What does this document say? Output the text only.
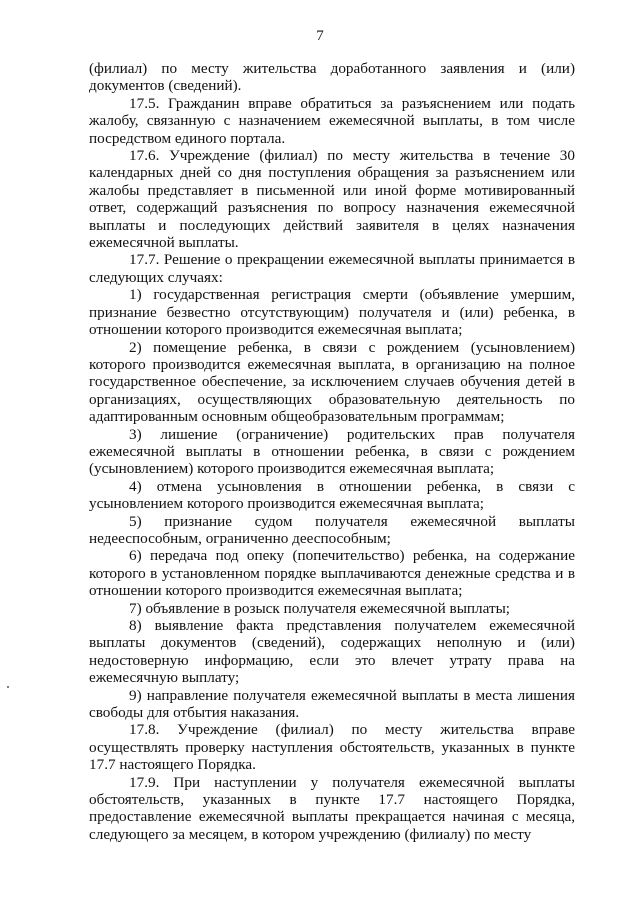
7

(филиал) по месту жительства доработанного заявления и (или) документов (сведений).

17.5. Гражданин вправе обратиться за разъяснением или подать жалобу, связанную с назначением ежемесячной выплаты, в том числе посредством единого портала.

17.6. Учреждение (филиал) по месту жительства в течение 30 календарных дней со дня поступления обращения за разъяснением или жалобы представляет в письменной или иной форме мотивированный ответ, содержащий разъяснения по вопросу назначения ежемесячной выплаты и последующих действий заявителя в целях назначения ежемесячной выплаты.

17.7. Решение о прекращении ежемесячной выплаты принимается в следующих случаях:

1) государственная регистрация смерти (объявление умершим, признание безвестно отсутствующим) получателя и (или) ребенка, в отношении которого производится ежемесячная выплата;

2) помещение ребенка, в связи с рождением (усыновлением) которого производится ежемесячная выплата, в организацию на полное государственное обеспечение, за исключением случаев обучения детей в организациях, осуществляющих образовательную деятельность по адаптированным основным общеобразовательным программам;

3) лишение (ограничение) родительских прав получателя ежемесячной выплаты в отношении ребенка, в связи с рождением (усыновлением) которого производится ежемесячная выплата;

4) отмена усыновления в отношении ребенка, в связи с усыновлением которого производится ежемесячная выплата;

5) признание судом получателя ежемесячной выплаты недееспособным, ограниченно дееспособным;

6) передача под опеку (попечительство) ребенка, на содержание которого в установленном порядке выплачиваются денежные средства и в отношении которого производится ежемесячная выплата;

7) объявление в розыск получателя ежемесячной выплаты;

8) выявление факта представления получателем ежемесячной выплаты документов (сведений), содержащих неполную и (или) недостоверную информацию, если это влечет утрату права на ежемесячную выплату;

9) направление получателя ежемесячной выплаты в места лишения свободы для отбытия наказания.

17.8. Учреждение (филиал) по месту жительства вправе осуществлять проверку наступления обстоятельств, указанных в пункте 17.7 настоящего Порядка.

17.9. При наступлении у получателя ежемесячной выплаты обстоятельств, указанных в пункте 17.7 настоящего Порядка, предоставление ежемесячной выплаты прекращается начиная с месяца, следующего за месяцем, в котором учреждению (филиалу) по месту
